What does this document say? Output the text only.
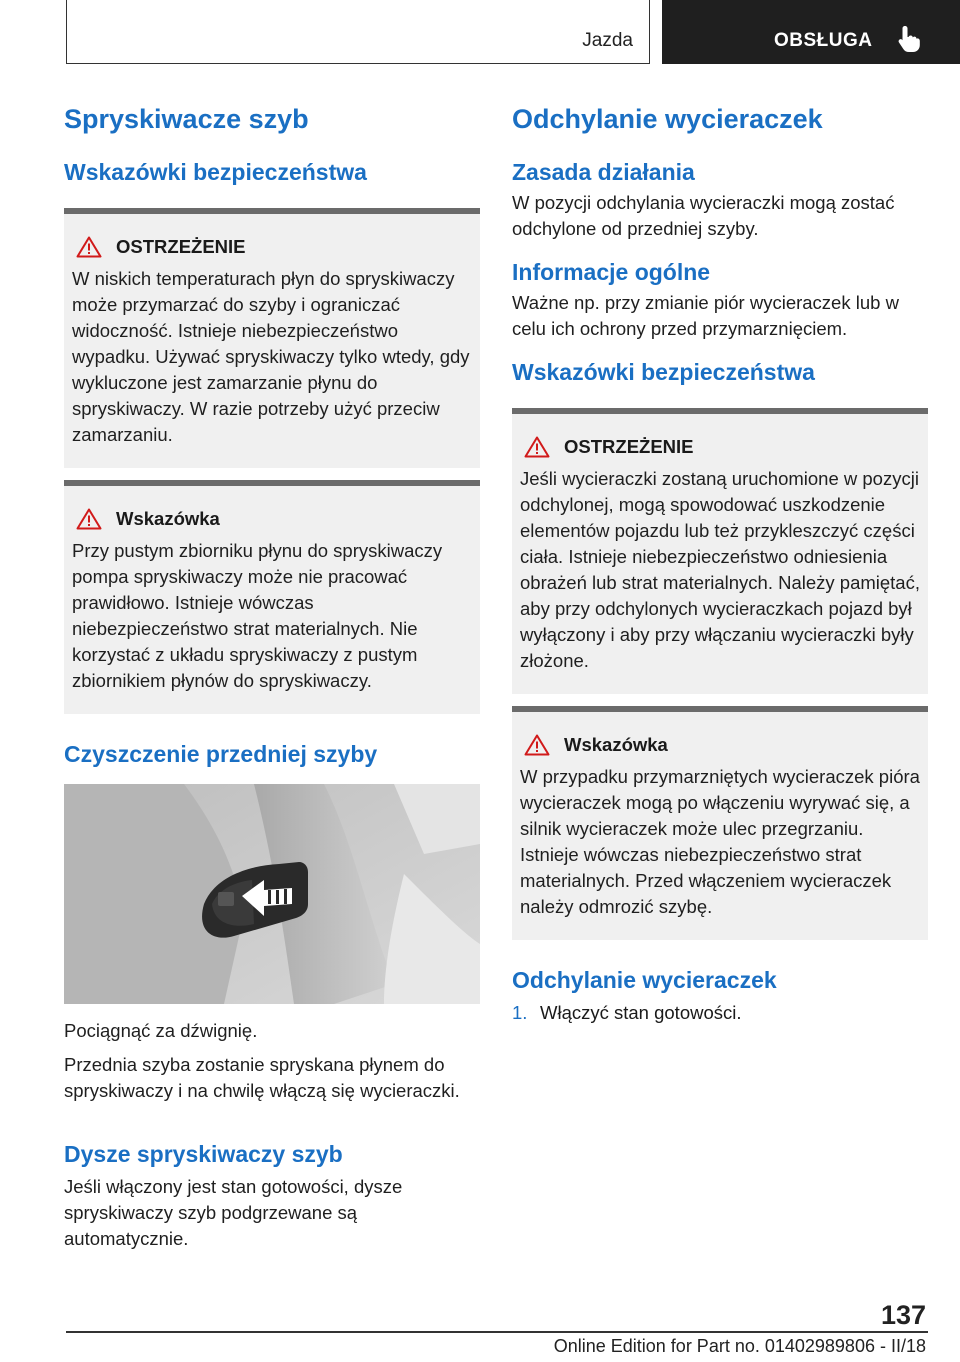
Jazda	OBSŁUGA
Spryskiwacze szyb
Wskazówki bezpieczeństwa
OSTRZEŻENIE

W niskich temperaturach płyn do spryskiwaczy może przymarzać do szyby i ograniczać widoczność. Istnieje niebezpieczeństwo wypadku. Używać spryskiwaczy tylko wtedy, gdy wykluczone jest zamarzanie płynu do spryskiwaczy. W razie potrzeby użyć przeciw zamarzaniu.

Wskazówka

Przy pustym zbiorniku płynu do spryskiwaczy pompa spryskiwaczy może nie pracować prawidłowo. Istnieje wówczas niebezpieczeństwo strat materialnych. Nie korzystać z układu spryskiwaczy z pustym zbiornikiem płynów do spryskiwaczy.

Czyszczenie przedniej szyby

Pociągnąć za dźwignię.

Przednia szyba zostanie spryskana płynem do spryskiwaczy i na chwilę włączą się wycieraczki.

Dysze spryskiwaczy szyb

Jeśli włączony jest stan gotowości, dysze spryskiwaczy szyb podgrzewane są automatycznie.

Odchylanie wycieraczek
Zasada działania

W pozycji odchylania wycieraczki mogą zostać odchylone od przedniej szyby.

Informacje ogólne

Ważne np. przy zmianie piór wycieraczek lub w celu ich ochrony przed przymarznięciem.

Wskazówki bezpieczeństwa
OSTRZEŻENIE

Jeśli wycieraczki zostaną uruchomione w pozycji odchylonej, mogą spowodować uszkodzenie elementów pojazdu lub też przykleszczyć części ciała. Istnieje niebezpieczeństwo odniesienia obrażeń lub strat materialnych. Należy pamiętać, aby przy odchylonych wycieraczkach pojazd był wyłączony i aby przy włączaniu wycieraczki były złożone.

Wskazówka

W przypadku przymarzniętych wycieraczek pióra wycieraczek mogą po włączeniu wyrywać się, a silnik wycieraczek może ulec przegrzaniu. Istnieje wówczas niebezpieczeństwo strat materialnych. Przed włączeniem wycieraczek należy odmrozić szybę.

Odchylanie wycieraczek
1. Włączyć stan gotowości.
137
Online Edition for Part no. 01402989806 - II/18
